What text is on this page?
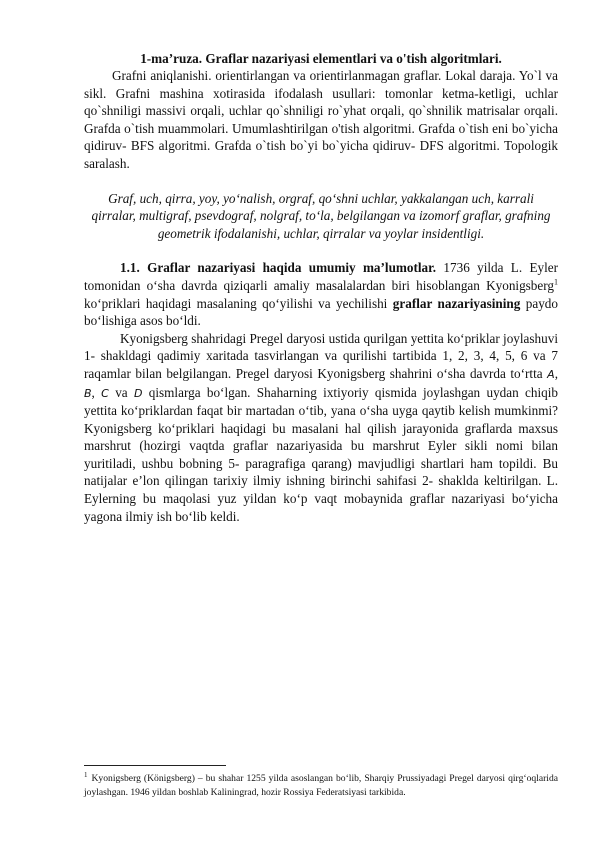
1-ma’ruza. Graflar nazariyasi elementlari va o'tish algoritmlari.

Grafni aniqlanishi. orientirlangan va orientirlanmagan graflar. Lokal daraja. Yo`l va sikl. Grafni mashina xotirasida ifodalash usullari: tomonlar ketma-ketligi, uchlar qo`shniligi massivi orqali, uchlar qo`shniligi ro`yhat orqali, qo`shnilik matrisalar orqali. Grafda o`tish muammolari. Umumlashtirilgan o'tish algoritmi. Grafda o`tish eni bo`yicha qidiruv- BFS algoritmi. Grafda o`tish bo`yi bo`yicha qidiruv- DFS algoritmi. Topologik saralash.

Graf, uch, qirra, yoy, yo‘nalish, orgraf, qo‘shni uchlar, yakkalangan uch, karrali qirralar, multigraf, psevdograf, nolgraf, to‘la, belgilangan va izomorf graflar, grafning geometrik ifodalanishi, uchlar, qirralar va yoylar insidentligi.

1.1. Graflar nazariyasi haqida umumiy ma’lumotlar. 1736 yilda L. Eyler tomonidan o‘sha davrda qiziqarli amaliy masalalardan biri hisoblangan Kyonigsberg$^1$ ko‘priklari haqidagi masalaning qo‘yilishi va yechilishi graflar nazariyasining paydo bo‘lishiga asos bo‘ldi.

Kyonigsberg shahridagi Pregel daryosi ustida qurilgan yettita ko‘priklar joylashuvi 1- shakldagi qadimiy xaritada tasvirlangan va qurilishi tartibida 1, 2, 3, 4, 5, 6 va 7 raqamlar bilan belgilangan. Pregel daryosi Kyonigsberg shahrini o‘sha davrda to‘rtta A, B, C va D qismlarga bo‘lgan. Shaharning ixtiyoriy qismida joylashgan uydan chiqib yettita ko‘priklardan faqat bir martadan o‘tib, yana o‘sha uyga qaytib kelish mumkinmi? Kyonigsberg ko‘priklari haqidagi bu masalani hal qilish jarayonida graflarda maxsus marshrut (hozirgi vaqtda graflar nazariyasida bu marshrut Eyler sikli nomi bilan yuritiladi, ushbu bobning 5- paragrafiga qarang) mavjudligi shartlari ham topildi. Bu natijalar e’lon qilingan tarixiy ilmiy ishning birinchi sahifasi 2- shaklda keltirilgan. L. Eylerning bu maqolasi yuz yildan ko‘p vaqt mobaynida graflar nazariyasi bo‘yicha yagona ilmiy ish bo‘lib keldi.

$^1$ Kyonigsberg (Königsberg) – bu shahar 1255 yilda asoslangan bo‘lib, Sharqiy Prussiyadagi Pregel daryosi qirg‘oqlarida joylashgan. 1946 yildan boshlab Kaliningrad, hozir Rossiya Federatsiyasi tarkibida.
